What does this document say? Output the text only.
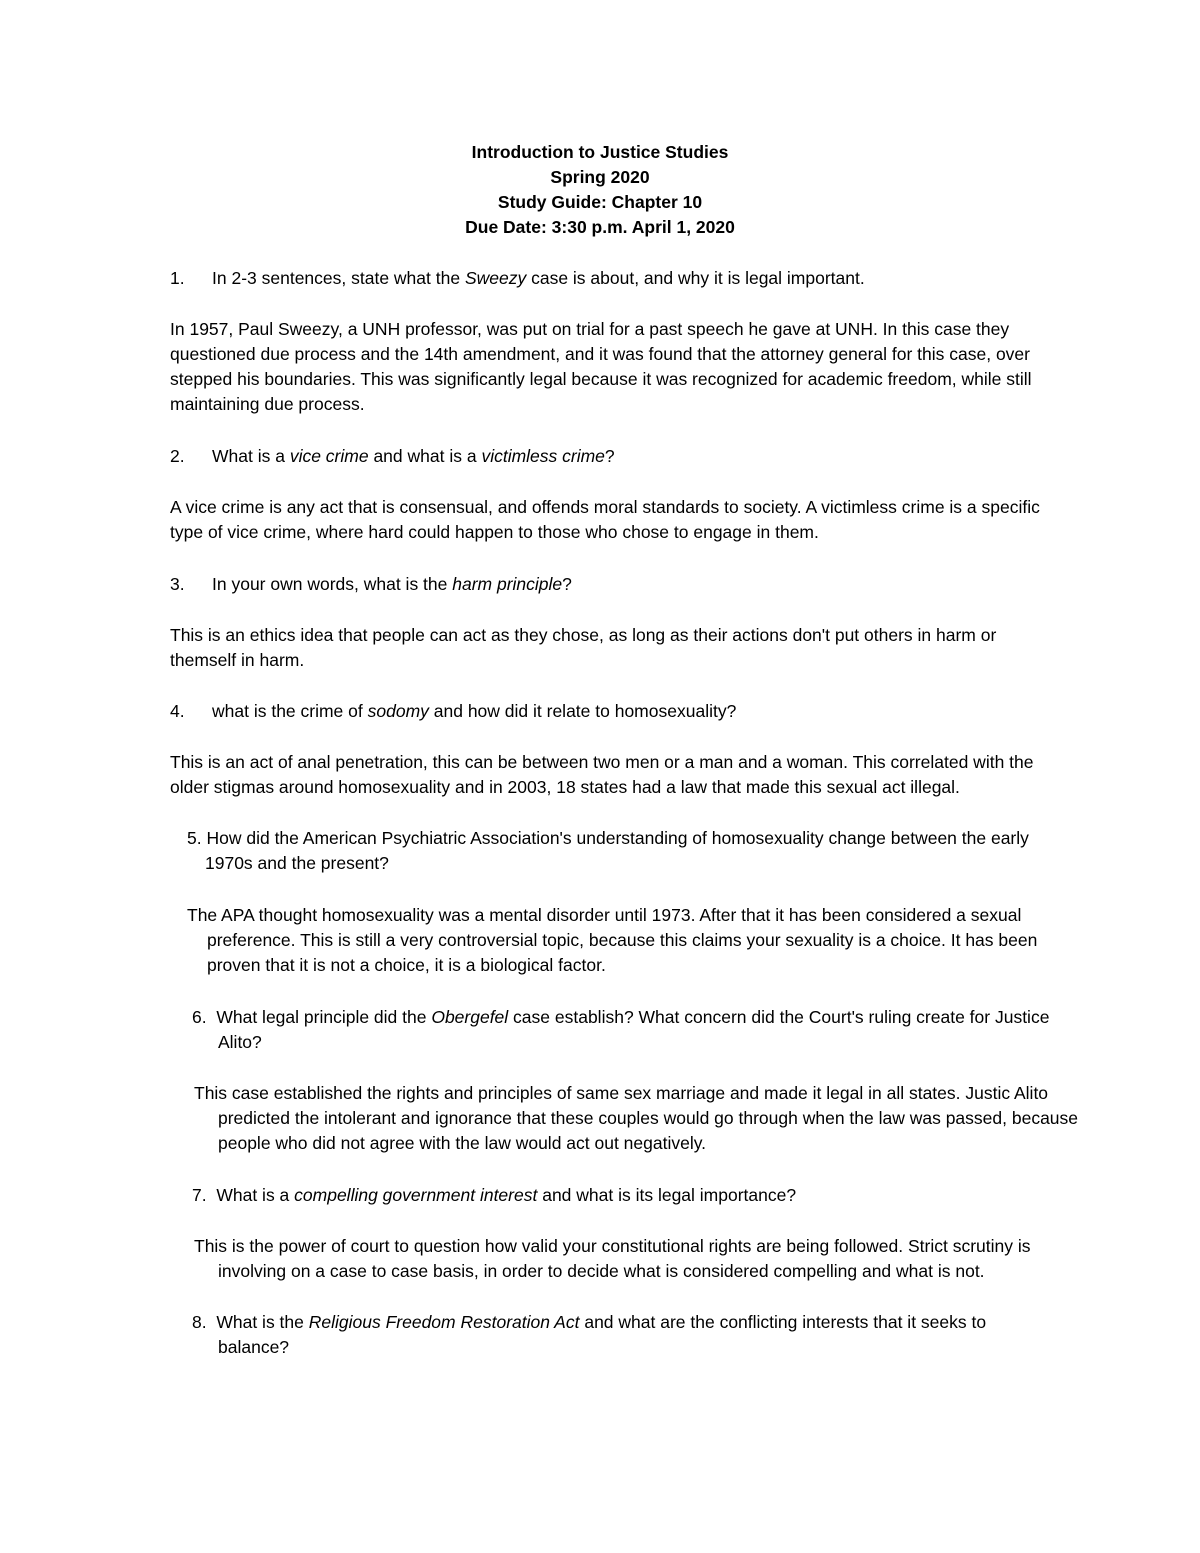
Introduction to Justice Studies
Spring 2020
Study Guide: Chapter 10
Due Date: 3:30 p.m. April 1, 2020
1. In 2-3 sentences, state what the Sweezy case is about, and why it is legal important.

In 1957, Paul Sweezy, a UNH professor, was put on trial for a past speech he gave at UNH. In this case they questioned due process and the 14th amendment, and it was found that the attorney general for this case, over stepped his boundaries. This was significantly legal because it was recognized for academic freedom, while still maintaining due process.

2. What is a vice crime and what is a victimless crime?

A vice crime is any act that is consensual, and offends moral standards to society. A victimless crime is a specific type of vice crime, where hard could happen to those who chose to engage in them.

3. In your own words, what is the harm principle?

This is an ethics idea that people can act as they chose, as long as their actions don't put others in harm or themself in harm.

4. what is the crime of sodomy and how did it relate to homosexuality?

This is an act of anal penetration, this can be between two men or a man and a woman. This correlated with the older stigmas around homosexuality and in 2003, 18 states had a law that made this sexual act illegal.

5. How did the American Psychiatric Association's understanding of homosexuality change between the early 1970s and the present?

The APA thought homosexuality was a mental disorder until 1973. After that it has been considered a sexual preference. This is still a very controversial topic, because this claims your sexuality is a choice. It has been proven that it is not a choice, it is a biological factor.

6. What legal principle did the Obergefel case establish? What concern did the Court's ruling create for Justice Alito?

This case established the rights and principles of same sex marriage and made it legal in all states. Justic Alito predicted the intolerant and ignorance that these couples would go through when the law was passed, because people who did not agree with the law would act out negatively.

7. What is a compelling government interest and what is its legal importance?

This is the power of court to question how valid your constitutional rights are being followed. Strict scrutiny is involving on a case to case basis, in order to decide what is considered compelling and what is not.

8. What is the Religious Freedom Restoration Act and what are the conflicting interests that it seeks to balance?
